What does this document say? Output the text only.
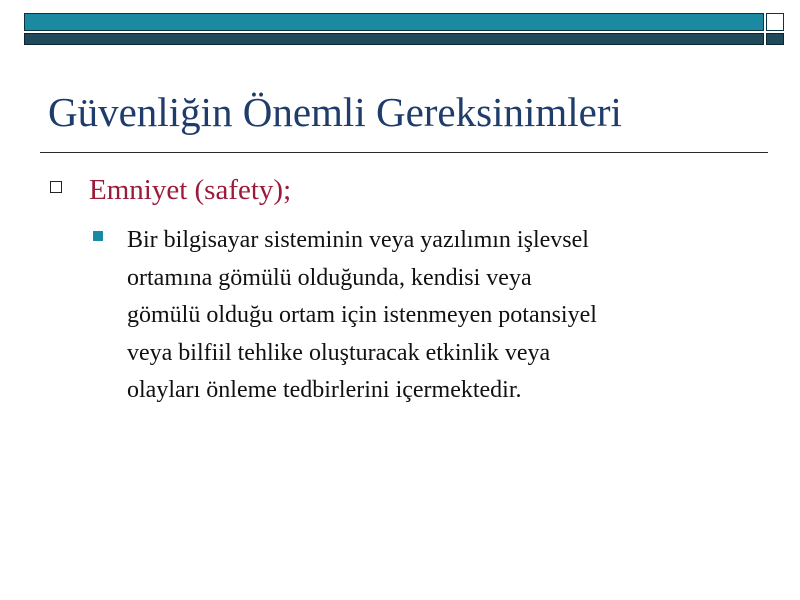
Güvenliğin Önemli Gereksinimleri
Emniyet (safety);

Bir bilgisayar sisteminin veya yazılımın işlevsel
ortamına gömülü olduğunda, kendisi veya
gömülü olduğu ortam için istenmeyen potansiyel
veya bilfiil tehlike oluşturacak etkinlik veya
olayları önleme tedbirlerini içermektedir.
